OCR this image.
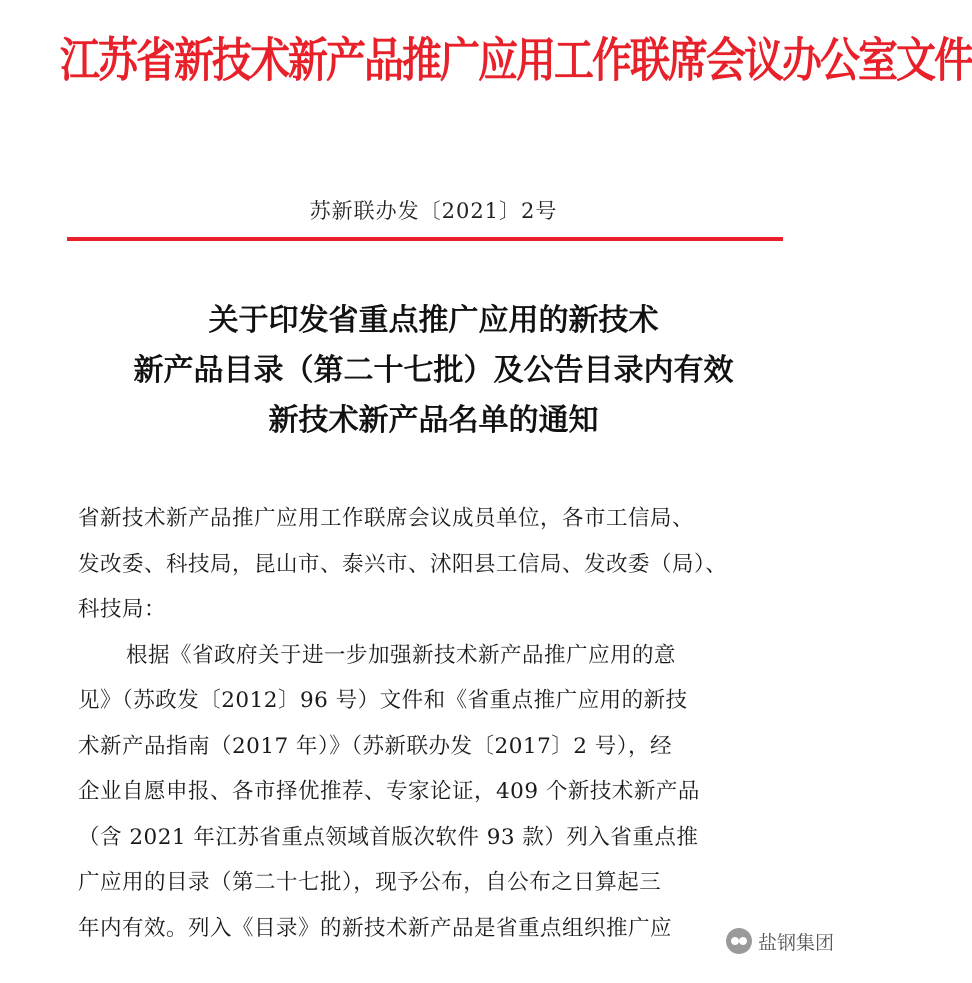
江苏省新技术新产品推广应用工作联席会议办公室文件
苏新联办发〔2021〕2号
关于印发省重点推广应用的新技术
新产品目录（第二十七批）及公告目录内有效
新技术新产品名单的通知
省新技术新产品推广应用工作联席会议成员单位，各市工信局、
发改委、科技局，昆山市、泰兴市、沭阳县工信局、发改委（局）、
科技局：
根据《省政府关于进一步加强新技术新产品推广应用的意
见》（苏政发〔2012〕96 号）文件和《省重点推广应用的新技
术新产品指南（2017 年）》（苏新联办发〔2017〕2 号），经
企业自愿申报、各市择优推荐、专家论证，409 个新技术新产品
（含 2021 年江苏省重点领域首版次软件 93 款）列入省重点推
广应用的目录（第二十七批），现予公布，自公布之日算起三
年内有效。列入《目录》的新技术新产品是省重点组织推广应
盐钢集团
